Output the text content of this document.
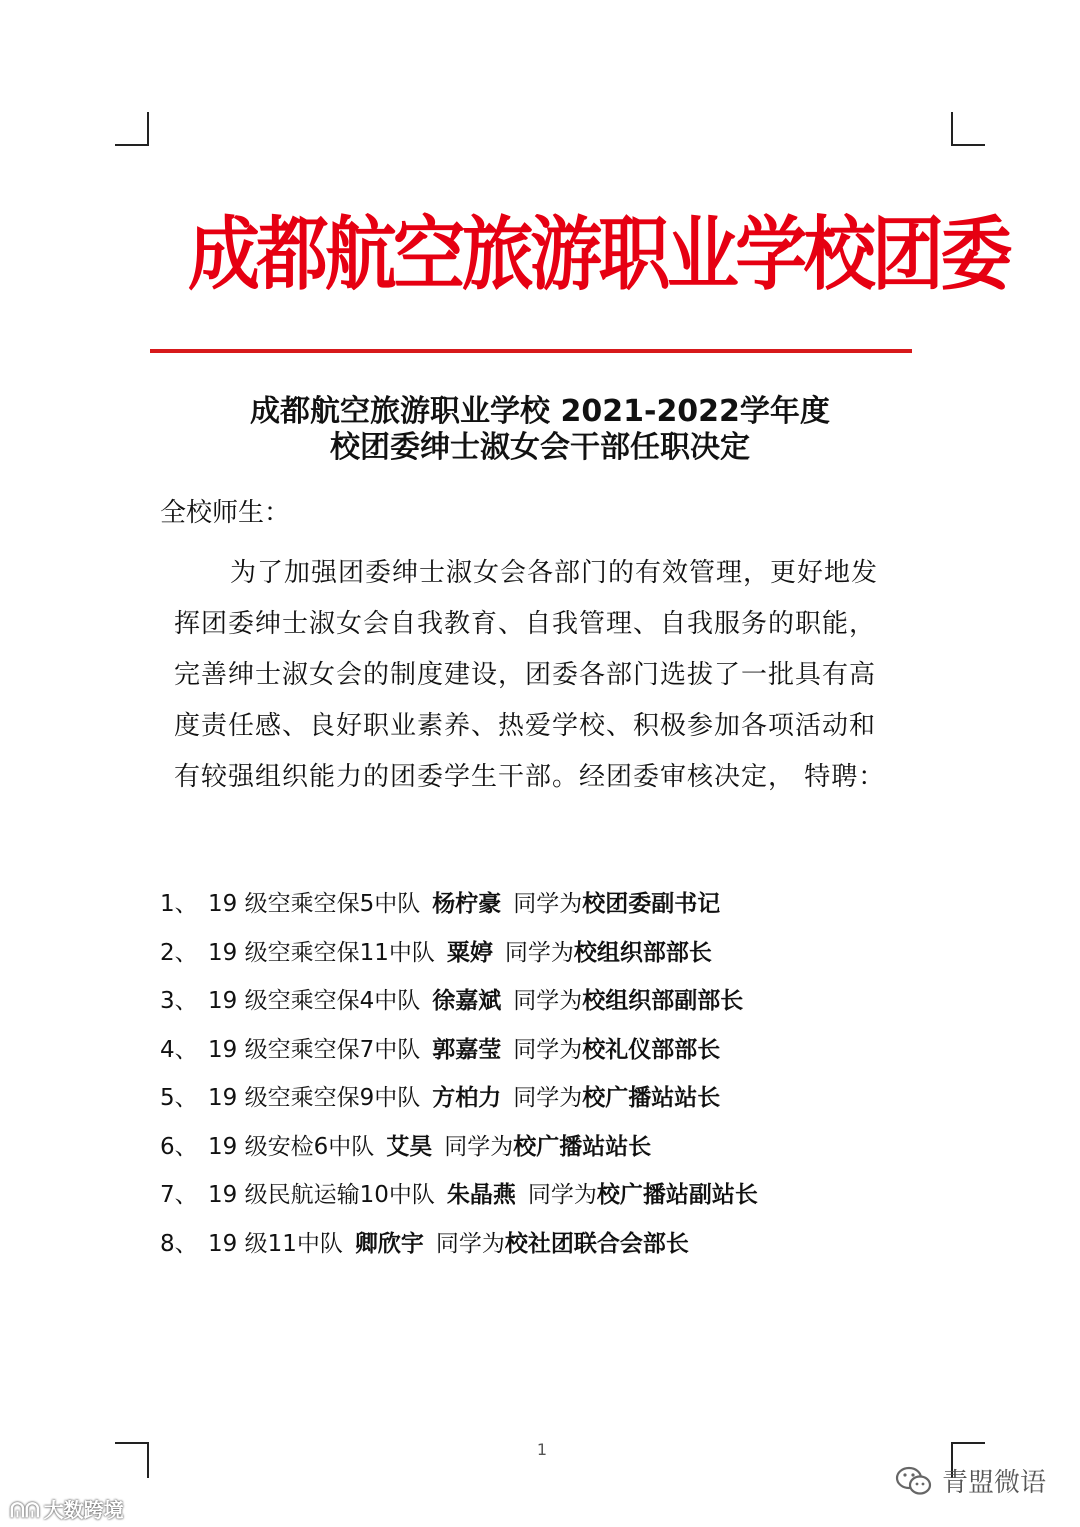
成都航空旅游职业学校团委
成都航空旅游职业学校 2021-2022学年度
校团委绅士淑女会干部任职决定
全校师生：
为了加强团委绅士淑女会各部门的有效管理，更好地发挥团委绅士淑女会自我教育、自我管理、自我服务的职能，完善绅士淑女会的制度建设，团委各部门选拔了一批具有高度责任感、良好职业素养、热爱学校、积极参加各项活动和有较强组织能力的团委学生干部。经团委审核决定， 特聘：
1、 19 级空乘空保5中队 杨柠豪 同学为校团委副书记
2、 19 级空乘空保11中队 粟婷 同学为校组织部部长
3、 19 级空乘空保4中队 徐嘉斌 同学为校组织部副部长
4、 19 级空乘空保7中队 郭嘉莹 同学为校礼仪部部长
5、 19 级空乘空保9中队 方柏力 同学为校广播站站长
6、 19 级安检6中队 艾昊 同学为校广播站站长
7、 19 级民航运输10中队 朱晶燕 同学为校广播站副站长
8、 19 级11中队 卿欣宇 同学为校社团联合会部长
1
ᕬᕬ 大数跨境
青盟微语
